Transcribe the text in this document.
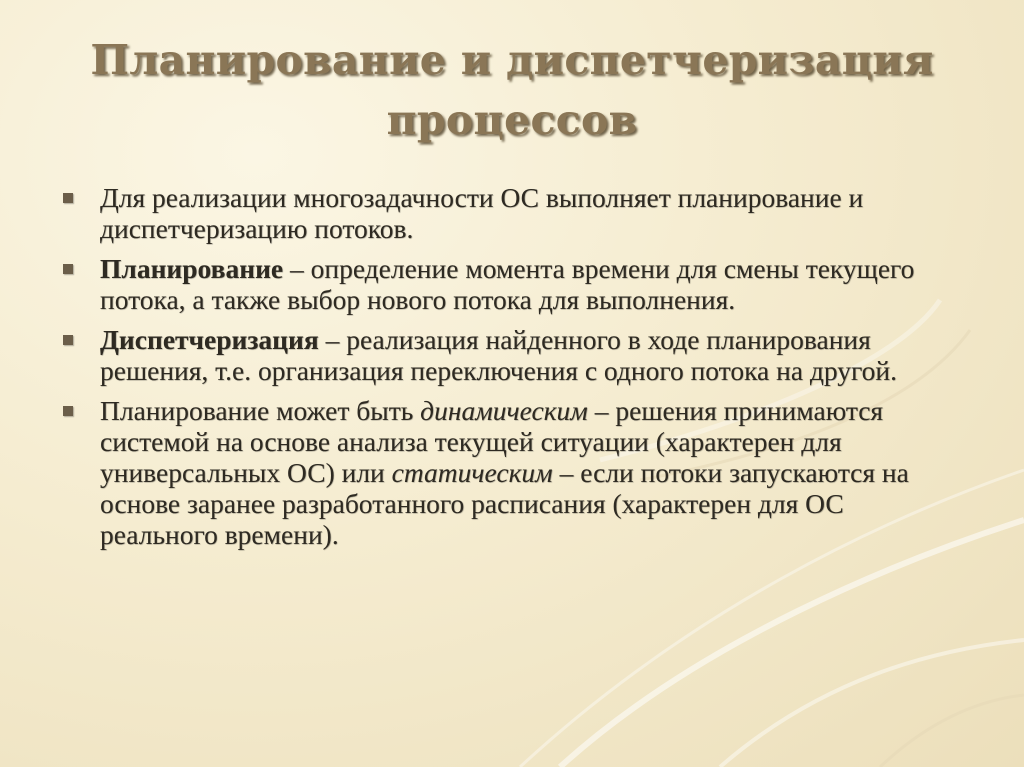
Планирование и диспетчеризация
процессов
Для реализации многозадачности ОС выполняет планирование и диспетчеризацию потоков.
Планирование – определение момента времени для смены текущего потока, а также выбор нового потока для выполнения.
Диспетчеризация – реализация найденного в ходе планирования решения, т.е. организация переключения с одного потока на другой.
Планирование может быть динамическим – решения принимаются системой на основе анализа текущей ситуации (характерен для универсальных ОС) или статическим – если потоки запускаются на основе заранее разработанного расписания (характерен для ОС реального времени).
